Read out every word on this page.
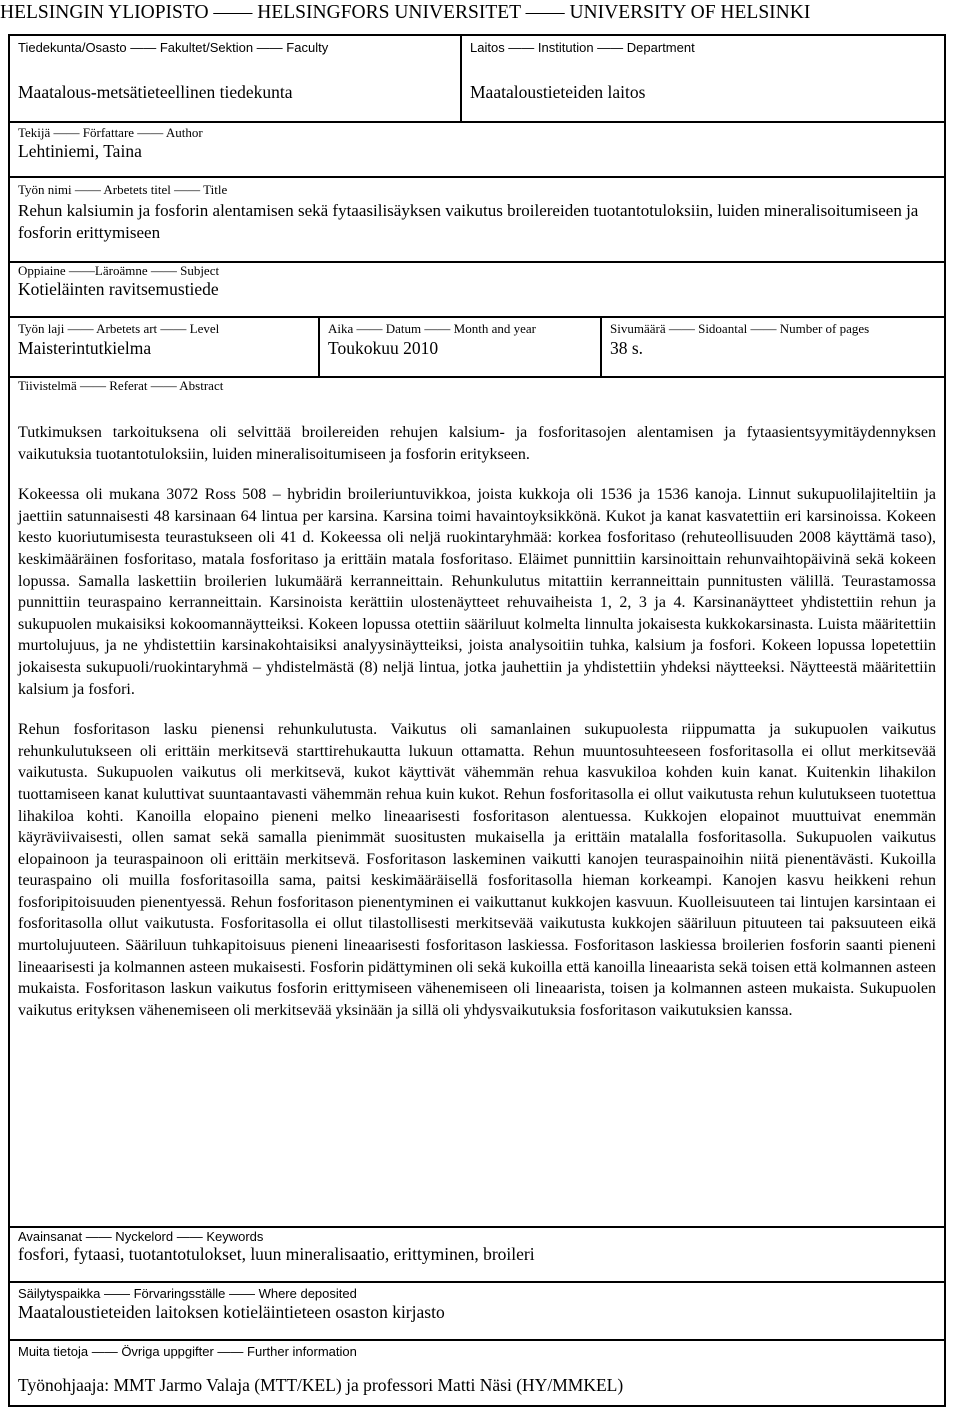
HELSINGIN YLIOPISTO —— HELSINGFORS UNIVERSITET —— UNIVERSITY OF HELSINKI
Tiedekunta/Osasto —— Fakultet/Sektion —— Faculty
Maatalous-metsätieteellinen tiedekunta
Laitos —— Institution —— Department
Maataloustieteiden laitos
Tekijä —— Författare —— Author
Lehtiniemi, Taina
Työn nimi —— Arbetets titel —— Title
Rehun kalsiumin ja fosforin alentamisen sekä fytaasilisäyksen vaikutus broilereiden tuotantotuloksiin, luiden mineralisoitumiseen ja fosforin erittymiseen
Oppiaine ——Läroämne —— Subject
Kotieläinten ravitsemustiede
Työn laji —— Arbetets art —— Level
Maisterintutkielma
Aika —— Datum —— Month and year
Toukokuu 2010
Sivumäärä —— Sidoantal —— Number of pages
38 s.
Tiivistelmä —— Referat —— Abstract

Tutkimuksen tarkoituksena oli selvittää broilereiden rehujen kalsium- ja fosforitasojen alentamisen ja fytaasientsyymitäydennyksen vaikutuksia tuotantotuloksiin, luiden mineralisoitumiseen ja fosforin eritykseen.

Kokeessa oli mukana 3072 Ross 508 – hybridin broileriuntuvikkoa, joista kukkoja oli 1536 ja 1536 kanoja. Linnut sukupuolilajiteltiin ja jaettiin satunnaisesti 48 karsinaan 64 lintua per karsina. Karsina toimi havaintoyksikkönä. Kukot ja kanat kasvatettiin eri karsinoissa. Kokeen kesto kuoriutumisesta teurastukseen oli 41 d. Kokeessa oli neljä ruokintaryhmää: korkea fosforitaso (rehuteollisuuden 2008 käyttämä taso), keskimääräinen fosforitaso, matala fosforitaso ja erittäin matala fosforitaso. Eläimet punnittiin karsinoittain rehunvaihtopäivinä sekä kokeen lopussa. Samalla laskettiin broilerien lukumäärä kerranneittain. Rehunkulutus mitattiin kerranneittain punnitusten välillä. Teurastamossa punnittiin teuraspaino kerranneittain. Karsinoista kerättiin ulostenäytteet rehuvaiheista 1, 2, 3 ja 4. Karsinanäytteet yhdistettiin rehun ja sukupuolen mukaisiksi kokoomannäytteiksi. Kokeen lopussa otettiin sääriluut kolmelta linnulta jokaisesta kukkokarsinasta. Luista määritettiin murtolujuus, ja ne yhdistettiin karsinakohtaisiksi analyysinäytteiksi, joista analysoitiin tuhka, kalsium ja fosfori. Kokeen lopussa lopetettiin jokaisesta sukupuoli/ruokintaryhmä – yhdistelmästä (8) neljä lintua, jotka jauhettiin ja yhdistettiin yhdeksi näytteeksi. Näytteestä määritettiin kalsium ja fosfori.

Rehun fosforitason lasku pienensi rehunkulutusta. Vaikutus oli samanlainen sukupuolesta riippumatta ja sukupuolen vaikutus rehunkulutukseen oli erittäin merkitsevä starttirehukautta lukuun ottamatta. Rehun muuntosuhteeseen fosforitasolla ei ollut merkitsevää vaikutusta. Sukupuolen vaikutus oli merkitsevä, kukot käyttivät vähemmän rehua kasvukiloa kohden kuin kanat. Kuitenkin lihakilon tuottamiseen kanat kuluttivat suuntaantavasti vähemmän rehua kuin kukot. Rehun fosforitasolla ei ollut vaikutusta rehun kulutukseen tuotettua lihakiloa kohti. Kanoilla elopaino pieneni melko lineaarisesti fosforitason alentuessa. Kukkojen elopainot muuttuivat enemmän käyräviivaisesti, ollen samat sekä samalla pienimmät suositusten mukaisella ja erittäin matalalla fosforitasolla. Sukupuolen vaikutus elopainoon ja teuraspainoon oli erittäin merkitsevä. Fosforitason laskeminen vaikutti kanojen teuraspainoihin niitä pienentävästi. Kukoilla teuraspaino oli muilla fosforitasoilla sama, paitsi keskimääräisellä fosforitasolla hieman korkeampi. Kanojen kasvu heikkeni rehun fosforipitoisuuden pienentyessä. Rehun fosforitason pienentyminen ei vaikuttanut kukkojen kasvuun. Kuolleisuuteen tai lintujen karsintaan ei fosforitasolla ollut vaikutusta. Fosforitasolla ei ollut tilastollisesti merkitsevää vaikutusta kukkojen sääriluun pituuteen tai paksuuteen eikä murtolujuuteen. Sääriluun tuhkapitoisuus pieneni lineaarisesti fosforitason laskiessa. Fosforitason laskiessa broilerien fosforin saanti pieneni lineaarisesti ja kolmannen asteen mukaisesti. Fosforin pidättyminen oli sekä kukoilla että kanoilla lineaarista sekä toisen että kolmannen asteen mukaista. Fosforitason laskun vaikutus fosforin erittymiseen vähenemiseen oli lineaarista, toisen ja kolmannen asteen mukaista. Sukupuolen vaikutus erityksen vähenemiseen oli merkitsevää yksinään ja sillä oli yhdysvaikutuksia fosforitason vaikutuksien kanssa.

Avainsanat —— Nyckelord —— Keywords
fosfori, fytaasi, tuotantotulokset, luun mineralisaatio, erittyminen, broileri
Säilytyspaikka —— Förvaringsställe —— Where deposited
Maataloustieteiden laitoksen kotieläintieteen osaston kirjasto
Muita tietoja —— Övriga uppgifter —— Further information
Työnohjaaja: MMT Jarmo Valaja (MTT/KEL) ja professori Matti Näsi (HY/MMKEL)
